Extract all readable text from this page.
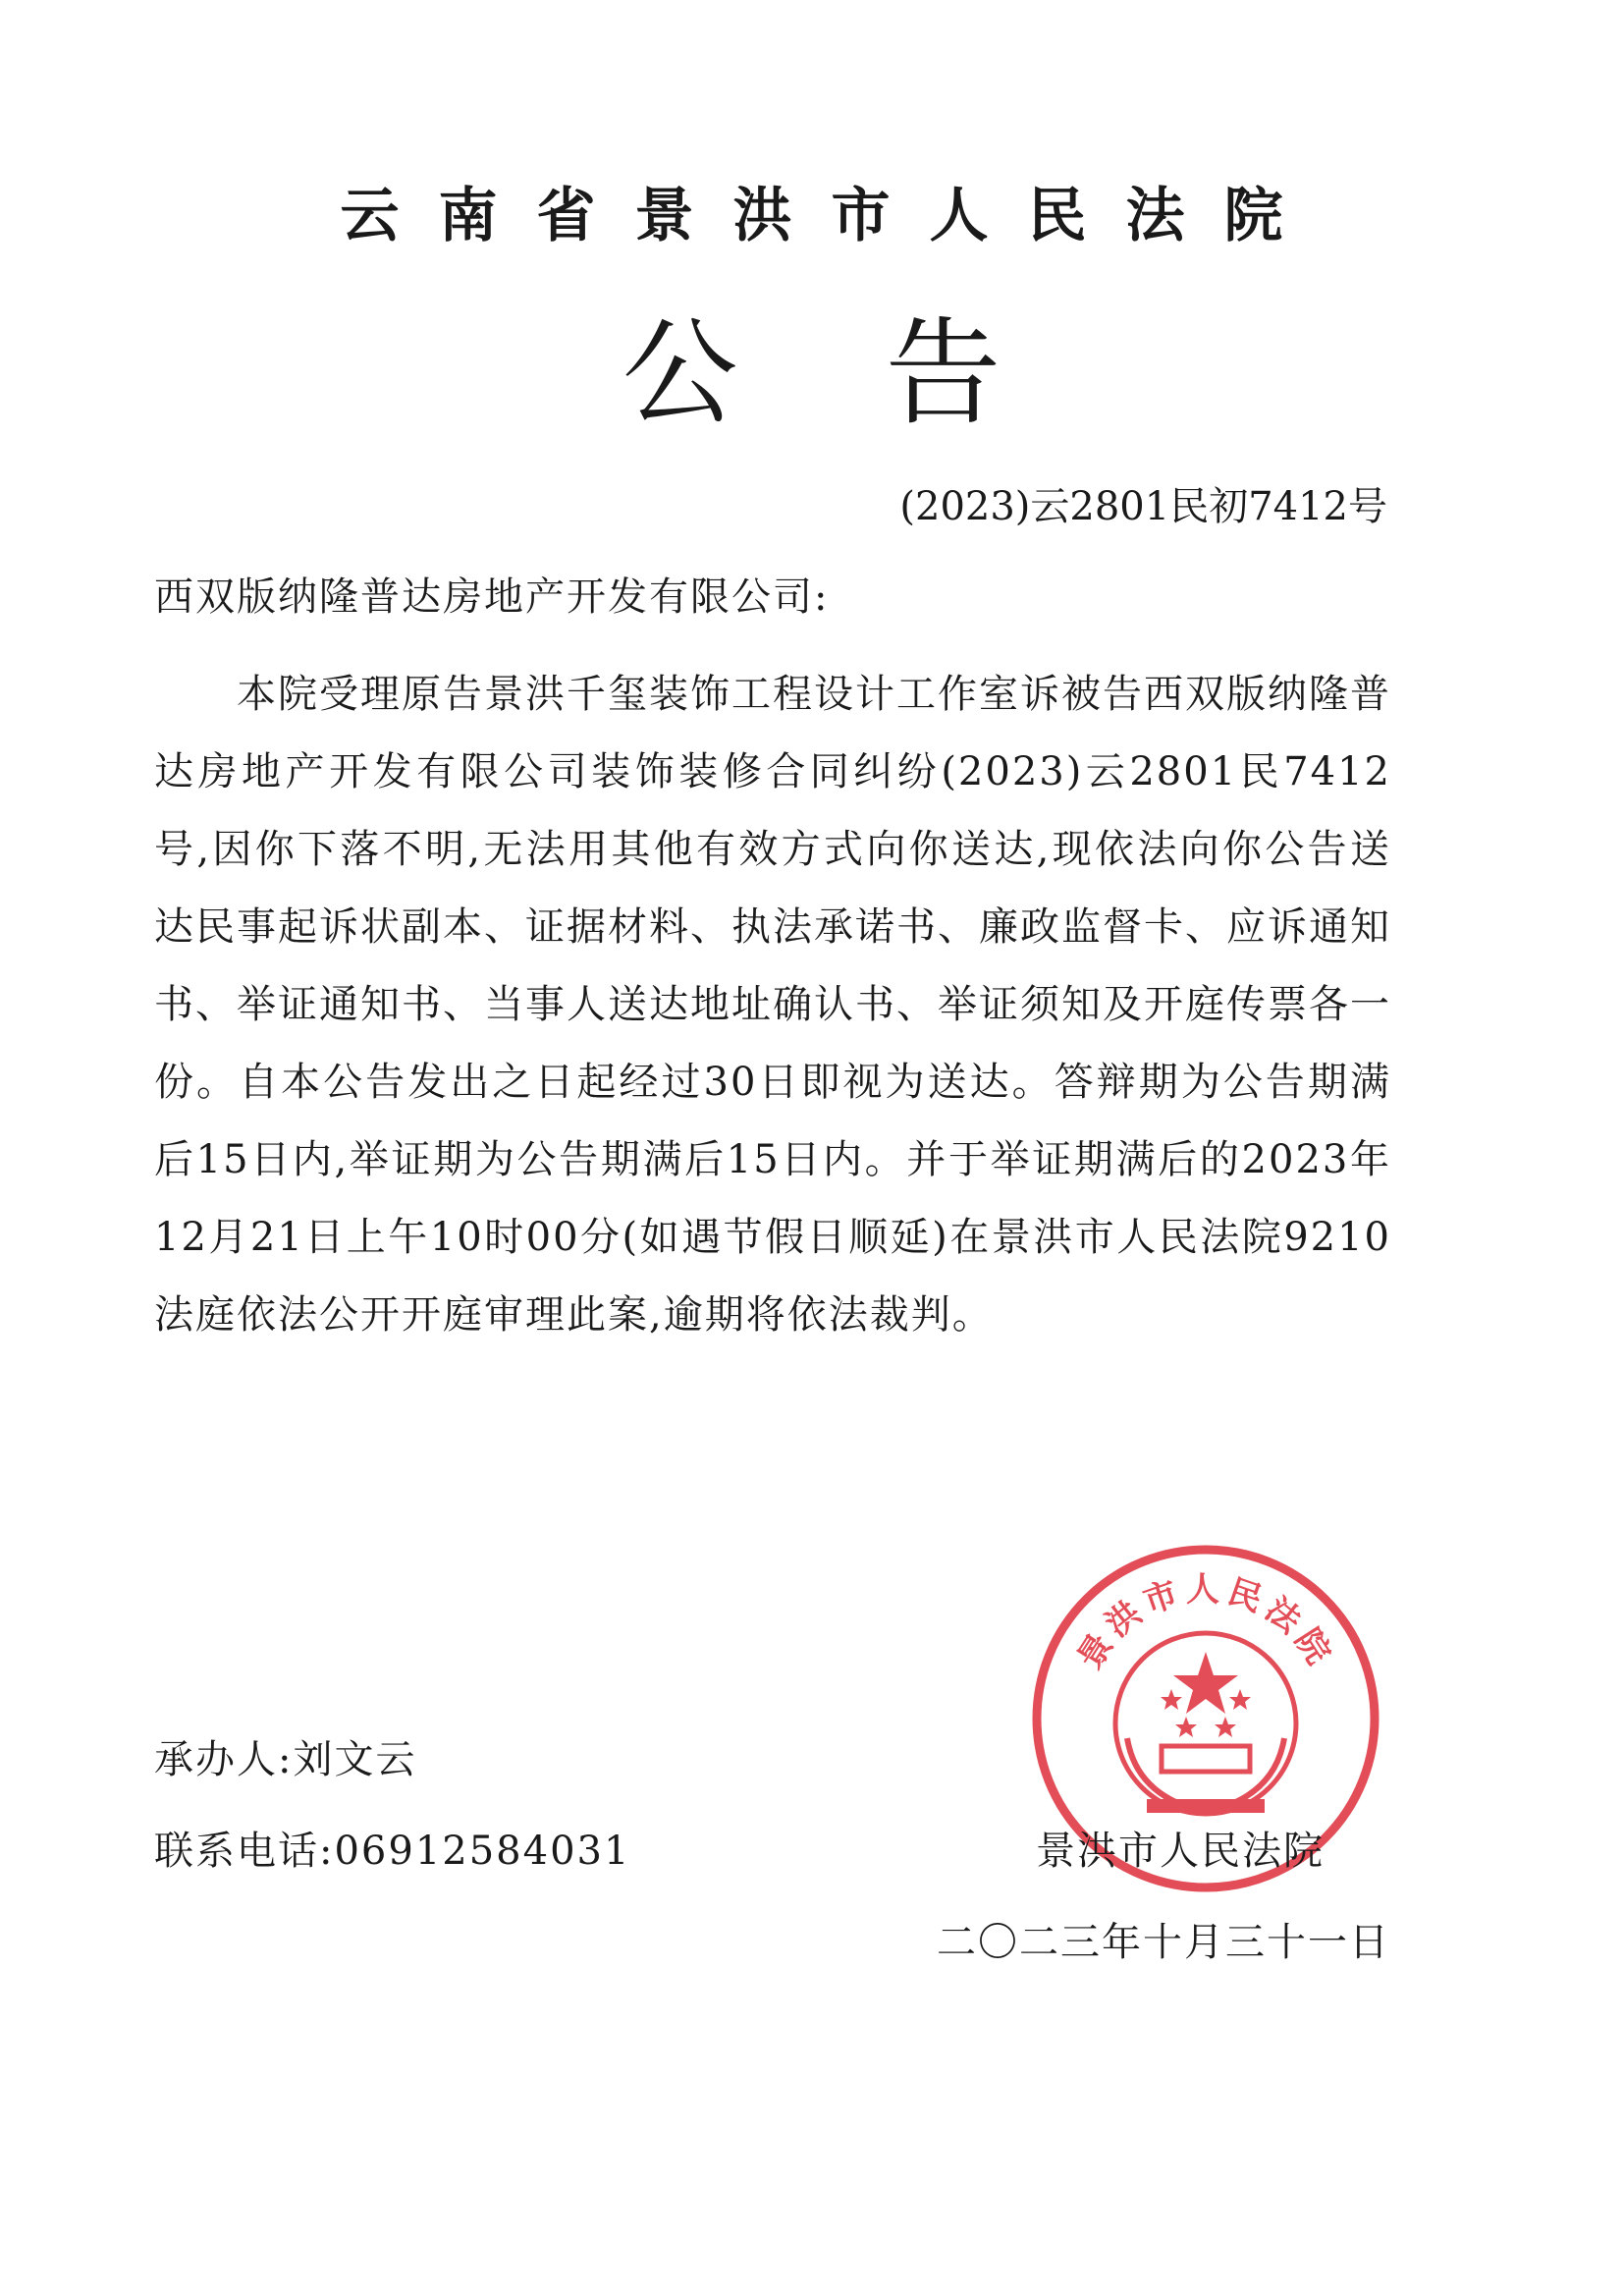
云南省景洪市人民法院
公告
(2023)云2801民初7412号
西双版纳隆普达房地产开发有限公司:

本院受理原告景洪千玺装饰工程设计工作室诉被告西双版纳隆普达房地产开发有限公司装饰装修合同纠纷(2023)云2801民7412号,因你下落不明,无法用其他有效方式向你送达,现依法向你公告送达民事起诉状副本、证据材料、执法承诺书、廉政监督卡、应诉通知书、举证通知书、当事人送达地址确认书、举证须知及开庭传票各一份。自本公告发出之日起经过30日即视为送达。答辩期为公告期满后15日内,举证期为公告期满后15日内。并于举证期满后的2023年12月21日上午10时00分(如遇节假日顺延)在景洪市人民法院9210法庭依法公开开庭审理此案,逾期将依法裁判。

承办人:刘文云
联系电话:06912584031
景洪市人民法院
景洪市人民法院
二〇二三年十月三十一日
